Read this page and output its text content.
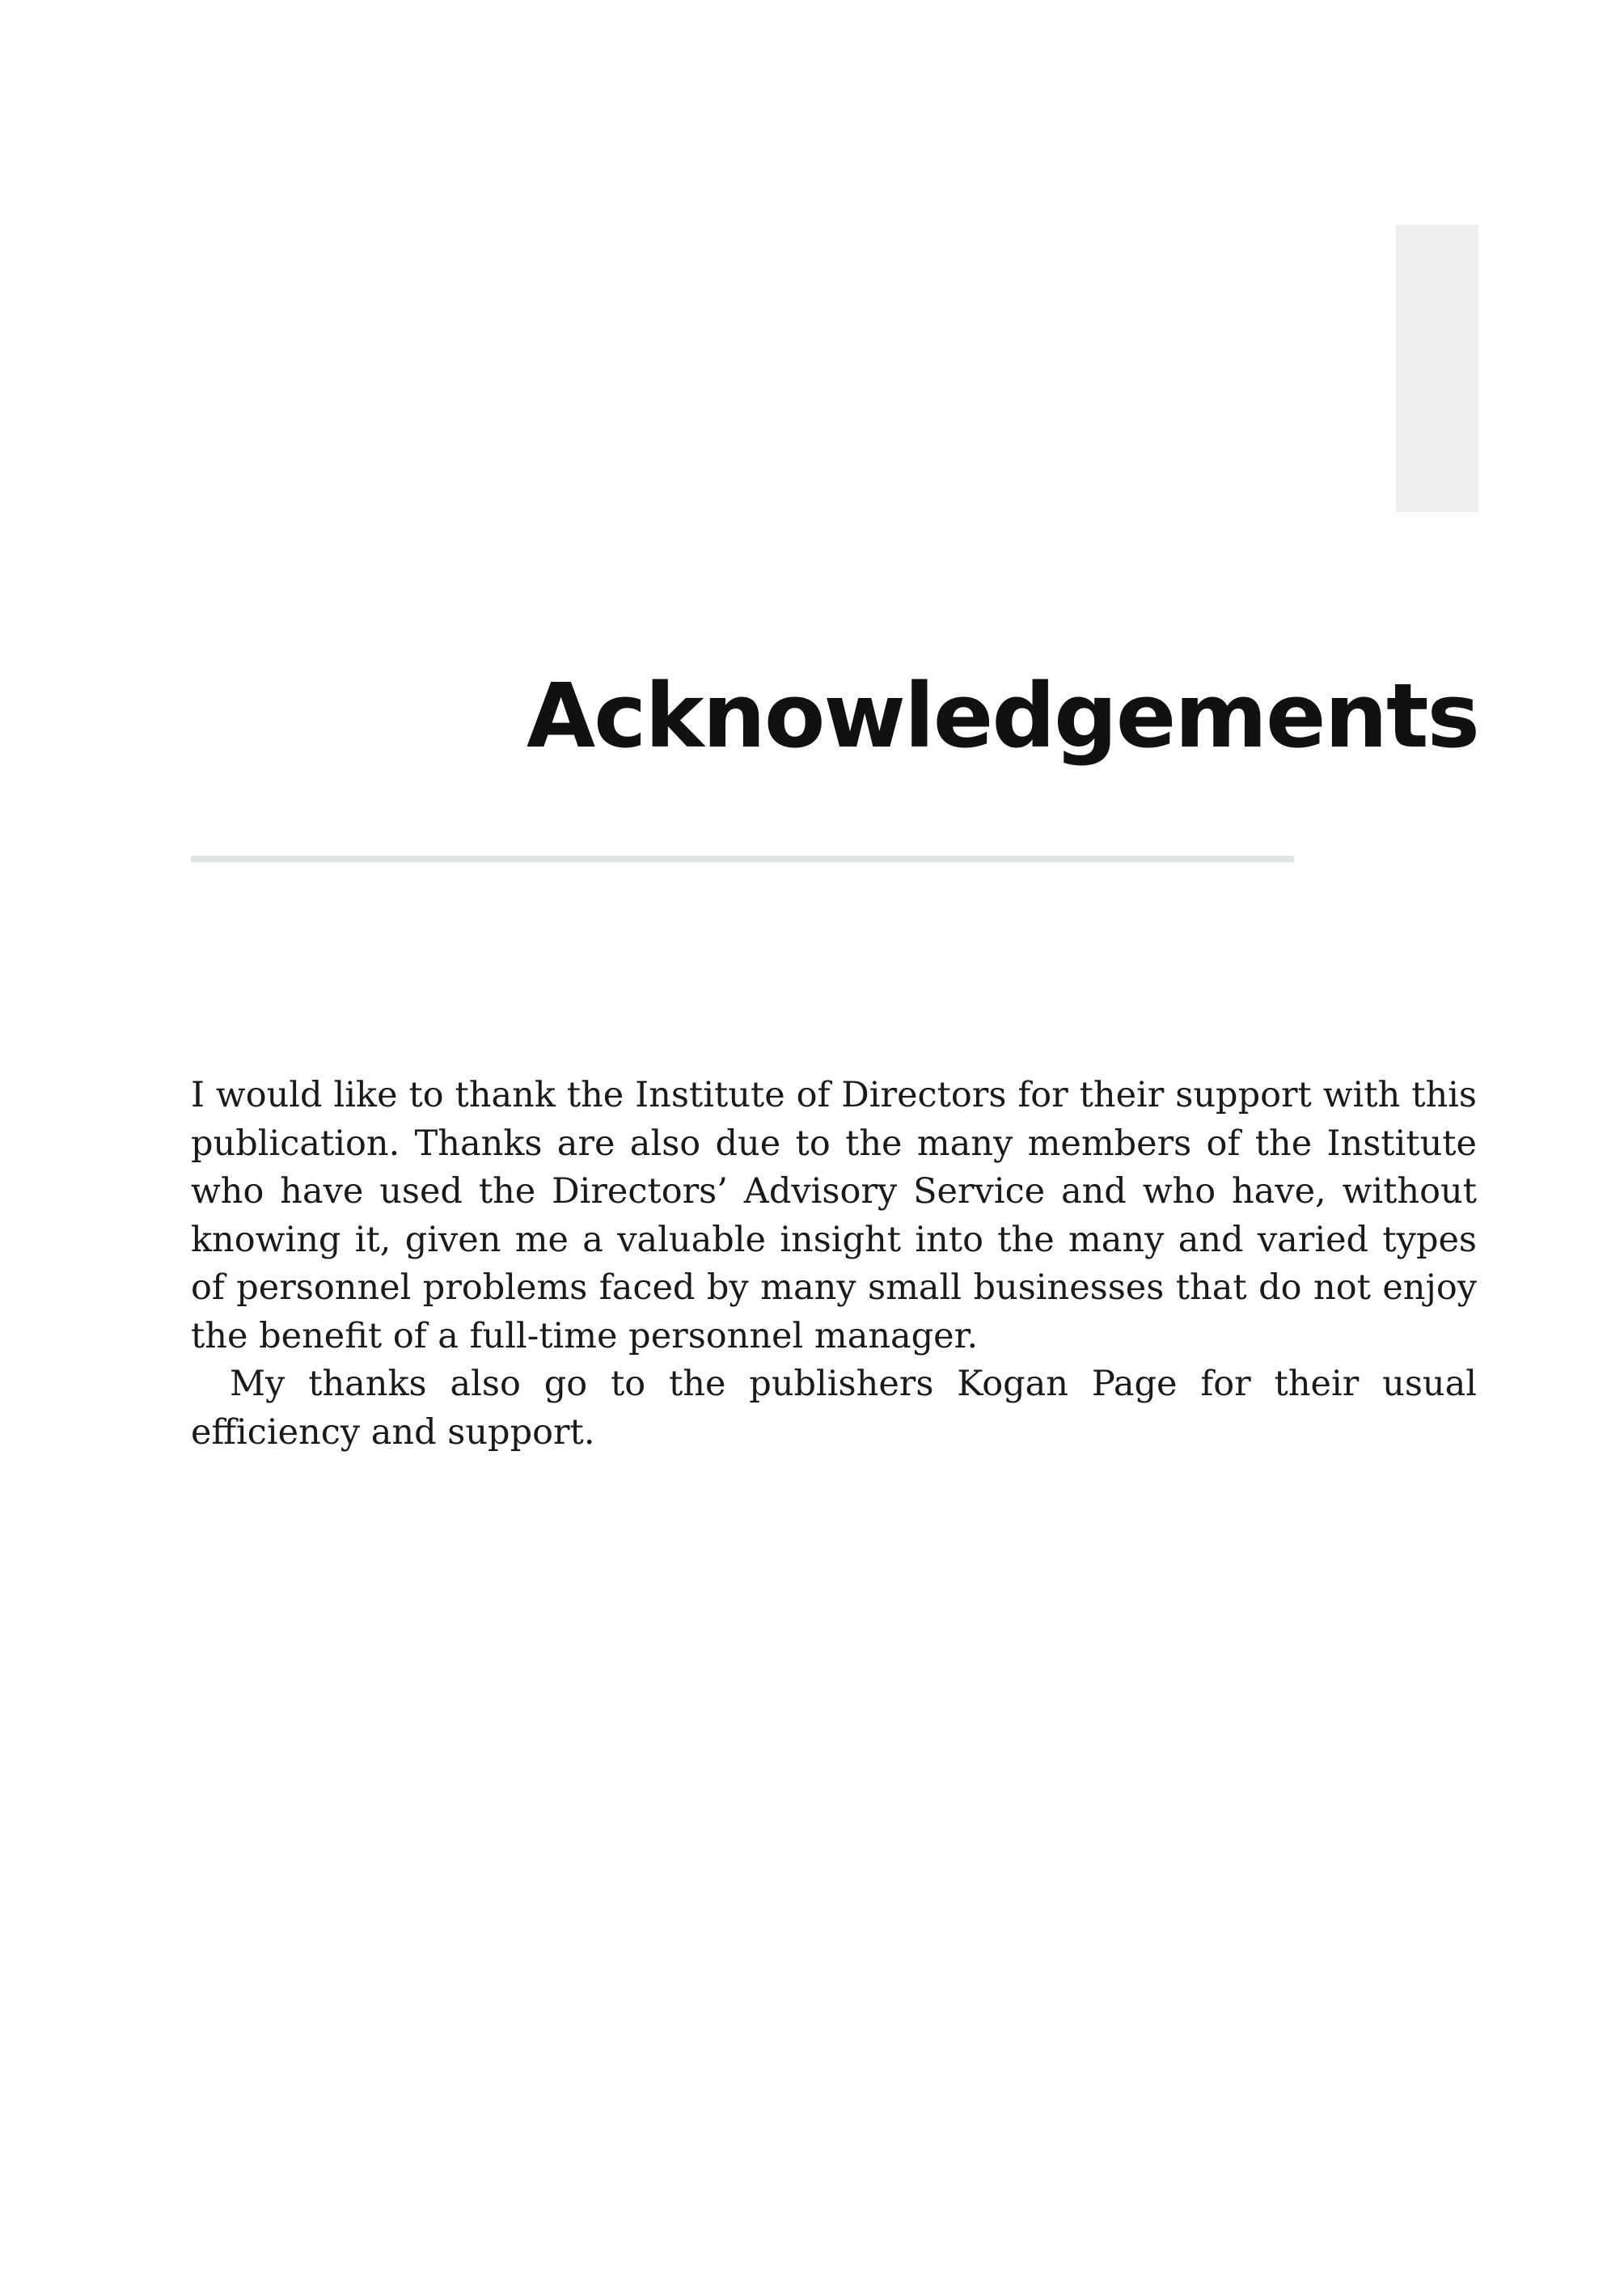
Acknowledgements

I would like to thank the Institute of Directors for their support with this publication. Thanks are also due to the many members of the Institute who have used the Directors’ Advisory Service and who have, without knowing it, given me a valuable insight into the many and varied types of personnel problems faced by many small businesses that do not enjoy the benefit of a full-time personnel manager.

My thanks also go to the publishers Kogan Page for their usual efficiency and support.
